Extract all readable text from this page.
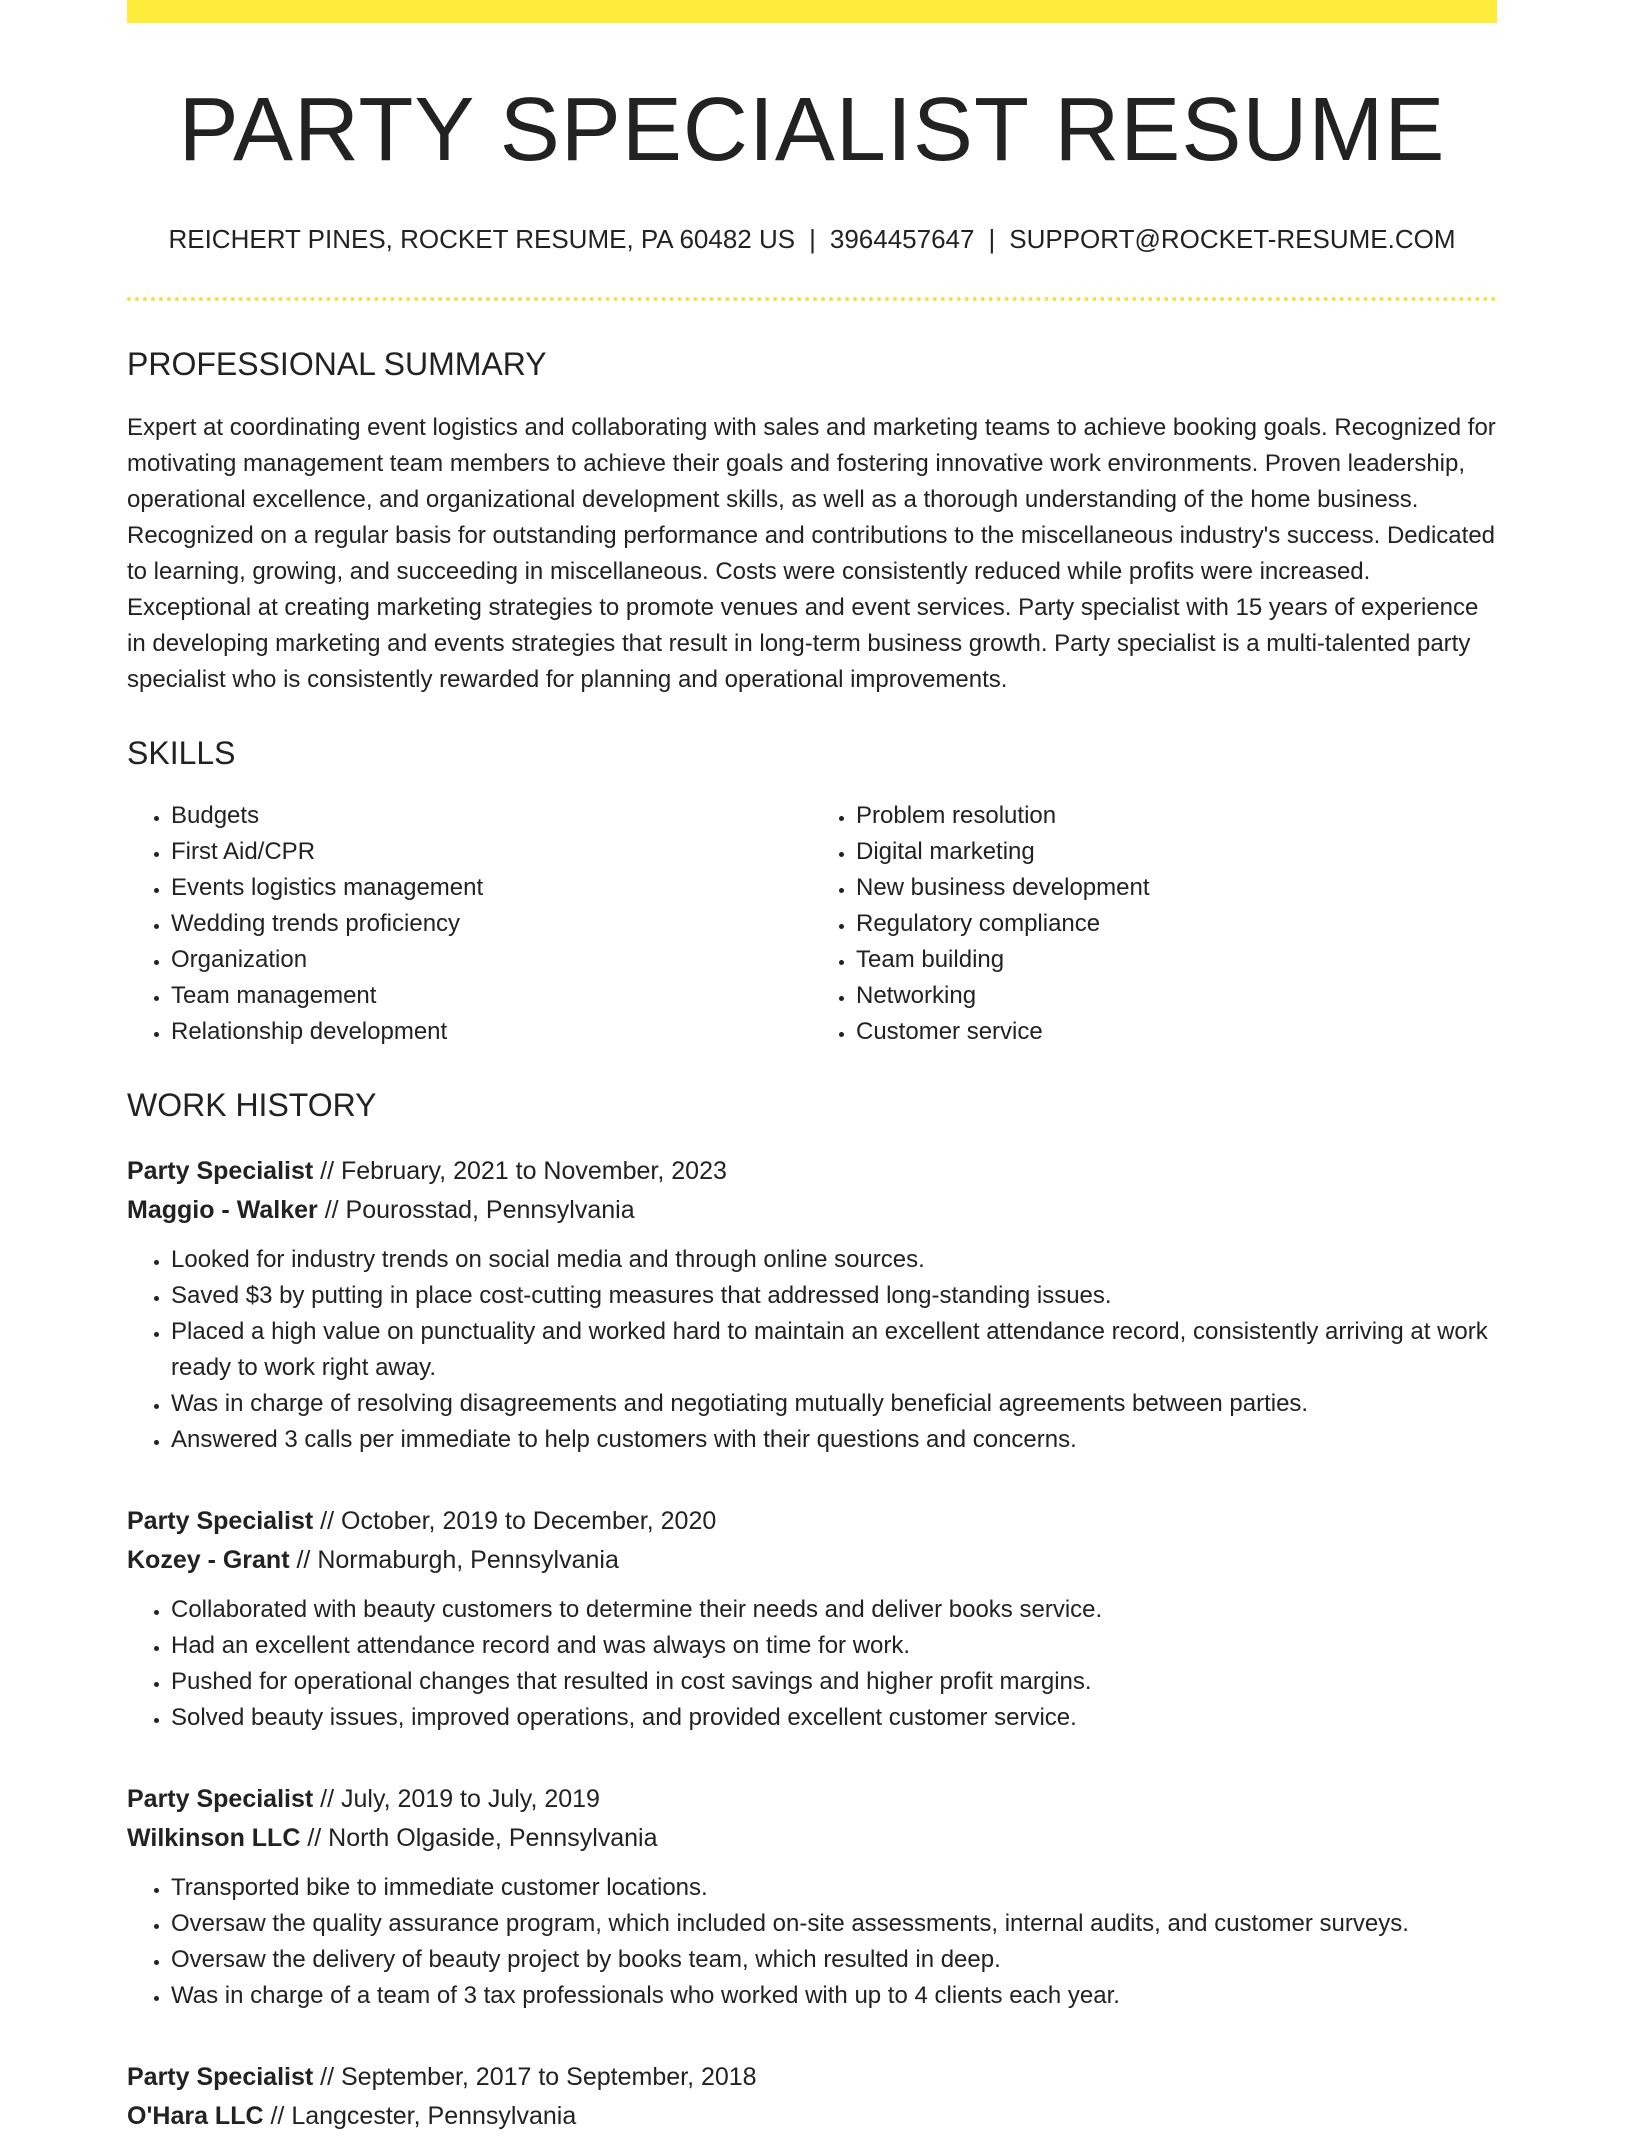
PARTY SPECIALIST RESUME
REICHERT PINES, ROCKET RESUME, PA 60482 US | 3964457647 | SUPPORT@ROCKET-RESUME.COM
PROFESSIONAL SUMMARY

Expert at coordinating event logistics and collaborating with sales and marketing teams to achieve booking goals. Recognized for motivating management team members to achieve their goals and fostering innovative work environments. Proven leadership, operational excellence, and organizational development skills, as well as a thorough understanding of the home business. Recognized on a regular basis for outstanding performance and contributions to the miscellaneous industry's success. Dedicated to learning, growing, and succeeding in miscellaneous. Costs were consistently reduced while profits were increased. Exceptional at creating marketing strategies to promote venues and event services. Party specialist with 15 years of experience in developing marketing and events strategies that result in long-term business growth. Party specialist is a multi-talented party specialist who is consistently rewarded for planning and operational improvements.

SKILLS
• Budgets
• First Aid/CPR
• Events logistics management
• Wedding trends proficiency
• Organization
• Team management
• Relationship development
• Problem resolution
• Digital marketing
• New business development
• Regulatory compliance
• Team building
• Networking
• Customer service
WORK HISTORY
Party Specialist // February, 2021 to November, 2023
Maggio - Walker // Pourosstad, Pennsylvania
• Looked for industry trends on social media and through online sources.
• Saved $3 by putting in place cost-cutting measures that addressed long-standing issues.
• Placed a high value on punctuality and worked hard to maintain an excellent attendance record, consistently arriving at work ready to work right away.
• Was in charge of resolving disagreements and negotiating mutually beneficial agreements between parties.
• Answered 3 calls per immediate to help customers with their questions and concerns.
Party Specialist // October, 2019 to December, 2020
Kozey - Grant // Normaburgh, Pennsylvania
• Collaborated with beauty customers to determine their needs and deliver books service.
• Had an excellent attendance record and was always on time for work.
• Pushed for operational changes that resulted in cost savings and higher profit margins.
• Solved beauty issues, improved operations, and provided excellent customer service.
Party Specialist // July, 2019 to July, 2019
Wilkinson LLC // North Olgaside, Pennsylvania
• Transported bike to immediate customer locations.
• Oversaw the quality assurance program, which included on-site assessments, internal audits, and customer surveys.
• Oversaw the delivery of beauty project by books team, which resulted in deep.
• Was in charge of a team of 3 tax professionals who worked with up to 4 clients each year.
Party Specialist // September, 2017 to September, 2018
O'Hara LLC // Langcester, Pennsylvania
